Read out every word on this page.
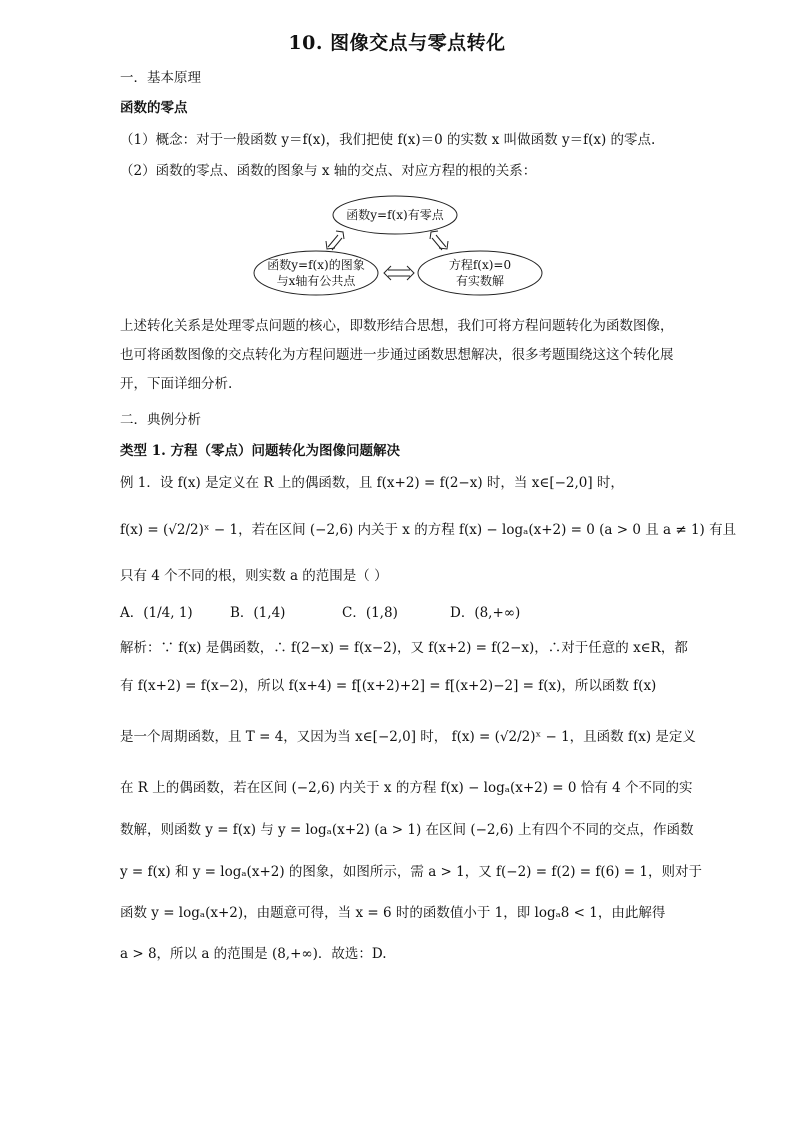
10. 图像交点与零点转化
一．基本原理
函数的零点
（1）概念：对于一般函数 y＝f(x)，我们把使 f(x)＝0 的实数 x 叫做函数 y＝f(x) 的零点.
（2）函数的零点、函数的图象与 x 轴的交点、对应方程的根的关系：
函数y=f(x)有零点
函数y=f(x)的图象
与x轴有公共点
方程f(x)=0
有实数解
上述转化关系是处理零点问题的核心，即数形结合思想，我们可将方程问题转化为函数图像，也可将函数图像的交点转化为方程问题进一步通过函数思想解决，很多考题围绕这这个转化展开，下面详细分析.
二．典例分析
类型 1. 方程（零点）问题转化为图像问题解决
例 1．设 f(x) 是定义在 R 上的偶函数，且 f(x+2) = f(2−x) 时，当 x∈[−2,0] 时，
f(x) = (√2/2)ˣ − 1，若在区间 (−2,6) 内关于 x 的方程 f(x) − logₐ(x+2) = 0 (a > 0 且 a ≠ 1) 有且
只有 4 个不同的根，则实数 a 的范围是（ ）
A．(1/4, 1)	B．(1,4)	C．(1,8)	D．(8,+∞)
解析：∵ f(x) 是偶函数，∴ f(2−x) = f(x−2)，又 f(x+2) = f(2−x)，∴对于任意的 x∈R，都
有 f(x+2) = f(x−2)，所以 f(x+4) = f[(x+2)+2] = f[(x+2)−2] = f(x)，所以函数 f(x)
是一个周期函数，且 T = 4，又因为当 x∈[−2,0] 时， f(x) = (√2/2)ˣ − 1，且函数 f(x) 是定义
在 R 上的偶函数，若在区间 (−2,6) 内关于 x 的方程 f(x) − logₐ(x+2) = 0 恰有 4 个不同的实
数解，则函数 y = f(x) 与 y = logₐ(x+2) (a > 1) 在区间 (−2,6) 上有四个不同的交点，作函数
y = f(x) 和 y = logₐ(x+2) 的图象，如图所示，需 a > 1，又 f(−2) = f(2) = f(6) = 1，则对于
函数 y = logₐ(x+2)，由题意可得，当 x = 6 时的函数值小于 1，即 logₐ8 < 1，由此解得
a > 8，所以 a 的范围是 (8,+∞)．故选：D.
